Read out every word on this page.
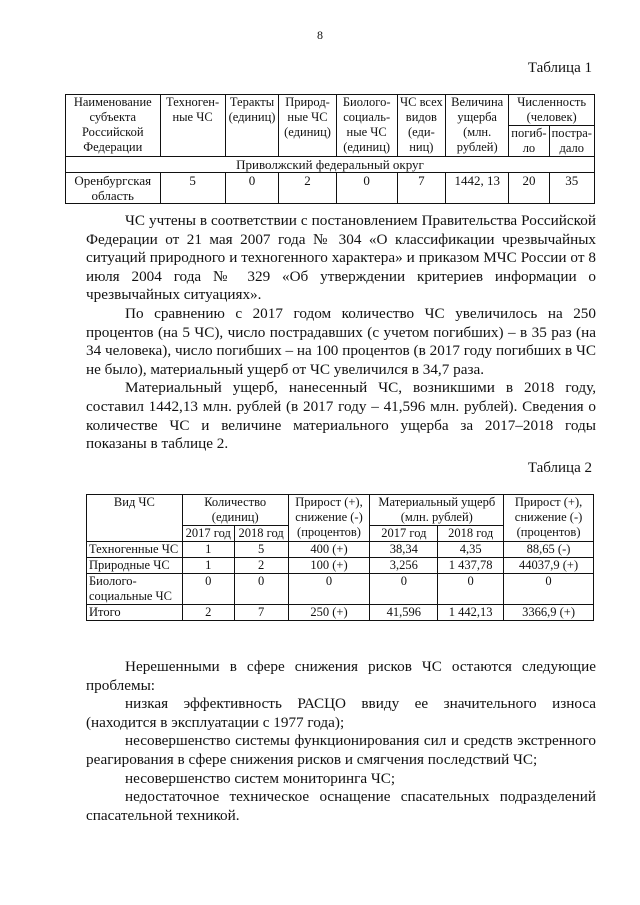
8
Таблица 1
Наименование субъекта Российской Федерации	Техноген-ные ЧС	Теракты (единиц)	Природ-ные ЧС (единиц)	Биолого-социаль-ные ЧС (единиц)	ЧС всех видов (еди-ниц)	Величина ущерба (млн. рублей)	Численность (человек)	
							погиб-ло	постра-дало
Приволжский федеральный округ								
Оренбургская область	5	0	2	0	7	1442, 13	20	35

ЧС учтены в соответствии с постановлением Правительства Российской Федерации от 21 мая 2007 года № 304 «О классификации чрезвычайных ситуаций природного и техногенного характера» и приказом МЧС России от 8 июля 2004 года № 329 «Об утверждении критериев информации о чрезвычайных ситуациях».

По сравнению с 2017 годом количество ЧС увеличилось на 250 процентов (на 5 ЧС), число пострадавших (с учетом погибших) – в 35 раз (на 34 человека), число погибших – на 100 процентов (в 2017 году погибших в ЧС не было), материальный ущерб от ЧС увеличился в 34,7 раза.

Материальный ущерб, нанесенный ЧС, возникшими в 2018 году, составил 1442,13 млн. рублей (в 2017 году – 41,596 млн. рублей). Сведения о количестве ЧС и величине материального ущерба за 2017–2018 годы показаны в таблице 2.

Таблица 2
Вид ЧС	Количество (единиц)		Прирост (+), снижение (-) (процентов)	Материальный ущерб (млн. рублей)		Прирост (+), снижение (-) (процентов)
	2017 год	2018 год		2017 год	2018 год	
Техногенные ЧС	1	5	400 (+)	38,34	4,35	88,65 (-)
Природные ЧС	1	2	100 (+)	3,256	1 437,78	44037,9 (+)
Биолого-социальные ЧС	0	0	0	0	0	0
Итого	2	7	250 (+)	41,596	1 442,13	3366,9 (+)

Нерешенными в сфере снижения рисков ЧС остаются следующие проблемы:

низкая эффективность РАСЦО ввиду ее значительного износа (находится в эксплуатации с 1977 года);

несовершенство системы функционирования сил и средств экстренного реагирования в сфере снижения рисков и смягчения последствий ЧС;

несовершенство систем мониторинга ЧС;

недостаточное техническое оснащение спасательных подразделений спасательной техникой.
